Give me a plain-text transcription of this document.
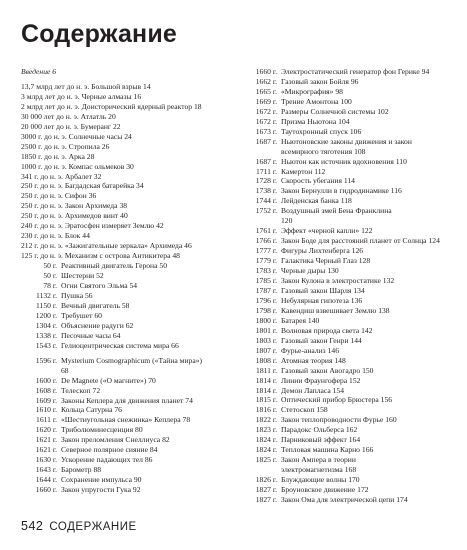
Содержание
Введение 6
13,7 млрд лет до н. э. Большой взрыв 14
3 млрд лет до н. э. Черные алмазы 16
2 млрд лет до н. э. Доисторический ядерный реактор 18
30 000 лет до н. э. Атлатль 20
20 000 лет до н. э. Бумеранг 22
3000 г. до н. э. Солнечные часы 24
2500 г. до н. э. Стропила 26
1850 г. до н. э. Арка 28
1000 г. до н. э. Компас ольмеков 30
341 г. до н. э. Арбалет 32
250 г. до н. э. Багдадская батарейка 34
250 г. до н. э. Сифон 36
250 г. до н. э. Закон Архимеда 38
250 г. до н. э. Архимедов винт 40
240 г. до н. э. Эратосфен измеряет Землю 42
230 г. до н. э. Блок 44
212 г. до н. э. «Зажигательные зеркала» Архимеда 46
125 г. до н. э. Механизм с острова Антикитера 48
50 г. Реактивный двигатель Герона 50
50 г. Шестерни 52
78 г. Огни Святого Эльма 54
1132 г. Пушка 56
1150 г. Вечный двигатель 58
1200 г. Требушет 60
1304 г. Объяснение радуги 62
1338 г. Песочные часы 64
1543 г. Гелиоцентрическая система мира 66
1596 г. Mysterium Cosmographicum («Тайна мира») 68
1600 г. De Magnete («О магните») 70
1608 г. Телескоп 72
1609 г. Законы Кеплера для движения планет 74
1610 г. Кольца Сатурна 76
1611 г. «Шестиугольная снежинка» Кеплера 78
1620 г. Триболюминесценция 80
1621 г. Закон преломления Снеллиуса 82
1621 г. Северное полярное сияние 84
1630 г. Ускорение падающих тел 86
1643 г. Барометр 88
1644 г. Сохранение импульса 90
1660 г. Закон упругости Гука 92
1660 г. Электростатический генератор фон Герике 94
1662 г. Газовый закон Бойля 96
1665 г. «Микрография» 98
1669 г. Трение Амонтона 100
1672 г. Размеры Солнечной системы 102
1672 г. Призма Ньютона 104
1673 г. Таутохронный спуск 106
1687 г. Ньютоновские законы движения и закон всемирного тяготения 108
1687 г. Ньютон как источник вдохновения 110
1711 г. Камертон 112
1728 г. Скорость убегания 114
1738 г. Закон Бернулли в гидродинамике 116
1744 г. Лейденская банка 118
1752 г. Воздушный змей Бена Франклина 120
1761 г. Эффект «черной капли» 122
1766 г. Закон Боде для расстояний планет от Солнца 124
1777 г. Фигуры Лихтенберга 126
1779 г. Галактика Черный Глаз 128
1783 г. Черные дыры 130
1785 г. Закон Кулона в электростатике 132
1787 г. Газовый закон Шарля 134
1796 г. Небулярная гипотеза 136
1798 г. Кавендиш взвешивает Землю 138
1800 г. Батарея 140
1801 г. Волновая природа света 142
1803 г. Газовый закон Генри 144
1807 г. Фурье-анализ 146
1808 г. Атомная теория 148
1811 г. Газовый закон Авогадро 150
1814 г. Линии Фраунгофера 152
1814 г. Демон Лапласа 154
1815 г. Оптический прибор Брюстера 156
1816 г. Стетоскоп 158
1822 г. Закон теплопроводности Фурье 160
1823 г. Парадокс Ольберса 162
1824 г. Парниковый эффект 164
1824 г. Тепловая машина Карно 166
1825 г. Закон Ампера в теории электромагнетизма 168
1826 г. Блуждающие волны 170
1827 г. Броуновское движение 172
1827 г. Закон Ома для электрической цепи 174
542 СОДЕРЖАНИЕ
